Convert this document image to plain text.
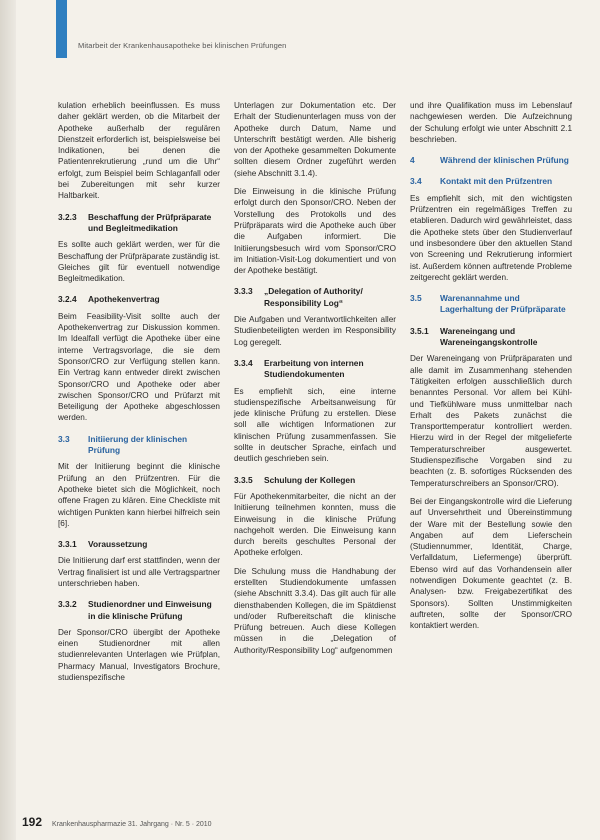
Mitarbeit der Krankenhausapotheke bei klinischen Prüfungen

kulation erheblich beeinflussen. Es muss daher geklärt werden, ob die Mitarbeit der Apotheke außerhalb der regulären Dienstzeit erforderlich ist, beispielsweise bei Indikationen, bei denen die Patientenrekrutierung „rund um die Uhr“ erfolgt, zum Beispiel beim Schlaganfall oder bei Zubereitungen mit sehr kurzer Haltbarkeit.

3.2.3	Beschaffung der Prüfpräparate und Begleitmedikation

Es sollte auch geklärt werden, wer für die Beschaffung der Prüfpräparate zuständig ist. Gleiches gilt für eventuell notwendige Begleitmedikation.

3.2.4	Apothekenvertrag

Beim Feasibility-Visit sollte auch der Apothekenvertrag zur Diskussion kommen. Im Idealfall verfügt die Apotheke über eine interne Vertragsvorlage, die sie dem Sponsor/CRO zur Verfügung stellen kann. Ein Vertrag kann entweder direkt zwischen Sponsor/CRO und Apotheke oder aber zwischen Sponsor/CRO und Prüfarzt mit Beteiligung der Apotheke abgeschlossen werden.

3.3	Initiierung der klinischen Prüfung

Mit der Initiierung beginnt die klinische Prüfung an den Prüfzentren. Für die Apotheke bietet sich die Möglichkeit, noch offene Fragen zu klären. Eine Checkliste mit wichtigen Punkten kann hierbei hilfreich sein [6].

3.3.1	Voraussetzung

Die Initiierung darf erst stattfinden, wenn der Vertrag finalisiert ist und alle Vertragspartner unterschrieben haben.

3.3.2	Studienordner und Einweisung in die klinische Prüfung

Der Sponsor/CRO übergibt der Apotheke einen Studienordner mit allen studienrelevanten Unterlagen wie Prüfplan, Pharmacy Manual, Investigators Brochure, studienspezifische

Unterlagen zur Dokumentation etc. Der Erhalt der Studienunterlagen muss von der Apotheke durch Datum, Name und Unterschrift bestätigt werden. Alle bisherig von der Apotheke gesammelten Dokumente sollten diesem Ordner zugeführt werden (siehe Abschnitt 3.1.4).

Die Einweisung in die klinische Prüfung erfolgt durch den Sponsor/CRO. Neben der Vorstellung des Protokolls und des Prüfpräparats wird die Apotheke auch über die Aufgaben informiert. Die Initiierungsbesuch wird vom Sponsor/CRO im Initiation-Visit-Log dokumentiert und von der Apotheke bestätigt.

3.3.3	„Delegation of Authority/ Responsibility Log“

Die Aufgaben und Verantwortlichkeiten aller Studienbeteiligten werden im Responsibility Log geregelt.

3.3.4	Erarbeitung von internen Studiendokumenten

Es empfiehlt sich, eine interne studienspezifische Arbeitsanweisung für jede klinische Prüfung zu erstellen. Diese soll alle wichtigen Informationen zur klinischen Prüfung zusammenfassen. Sie sollte in deutscher Sprache, einfach und deutlich geschrieben sein.

3.3.5	Schulung der Kollegen

Für Apothekenmitarbeiter, die nicht an der Initiierung teilnehmen konnten, muss die Einweisung in die klinische Prüfung nachgeholt werden. Die Einweisung kann durch bereits geschultes Personal der Apotheke erfolgen.

Die Schulung muss die Handhabung der erstellten Studiendokumente umfassen (siehe Abschnitt 3.3.4). Das gilt auch für alle diensthabenden Kollegen, die im Spätdienst und/oder Rufbereitschaft die klinische Prüfung betreuen. Auch diese Kollegen müssen in die „Delegation of Authority/Responsibility Log“ aufgenommen

und ihre Qualifikation muss im Lebenslauf nachgewiesen werden. Die Aufzeichnung der Schulung erfolgt wie unter Abschnitt 2.1 beschrieben.

4	Während der klinischen Prüfung
3.4	Kontakt mit den Prüfzentren

Es empfiehlt sich, mit den wichtigsten Prüfzentren ein regelmäßiges Treffen zu etablieren. Dadurch wird gewährleistet, dass die Apotheke stets über den Studienverlauf und insbesondere über den aktuellen Stand von Screening und Rekrutierung informiert ist. Außerdem können auftretende Probleme zeitgerecht geklärt werden.

3.5	Warenannahme und Lagerhaltung der Prüfpräparate
3.5.1	Wareneingang und Wareneingangskontrolle

Der Wareneingang von Prüfpräparaten und alle damit im Zusammenhang stehenden Tätigkeiten erfolgen ausschließlich durch benanntes Personal. Vor allem bei Kühl- und Tiefkühlware muss unmittelbar nach Erhalt des Pakets zunächst die Transporttemperatur kontrolliert werden. Hierzu wird in der Regel der mitgelieferte Temperaturschreiber ausgewertet. Studienspezifische Vorgaben sind zu beachten (z. B. sofortiges Rücksenden des Temperaturschreibers an Sponsor/CRO).

Bei der Eingangskontrolle wird die Lieferung auf Unversehrtheit und Übereinstimmung der Ware mit der Bestellung sowie den Angaben auf dem Lieferschein (Studiennummer, Identität, Charge, Verfalldatum, Liefermenge) überprüft. Ebenso wird auf das Vorhandensein aller notwendigen Dokumente geachtet (z. B. Analysen- bzw. Freigabezertifikat des Sponsors). Sollten Unstimmigkeiten auftreten, sollte der Sponsor/CRO kontaktiert werden.

192 Krankenhauspharmazie 31. Jahrgang · Nr. 5 · 2010
